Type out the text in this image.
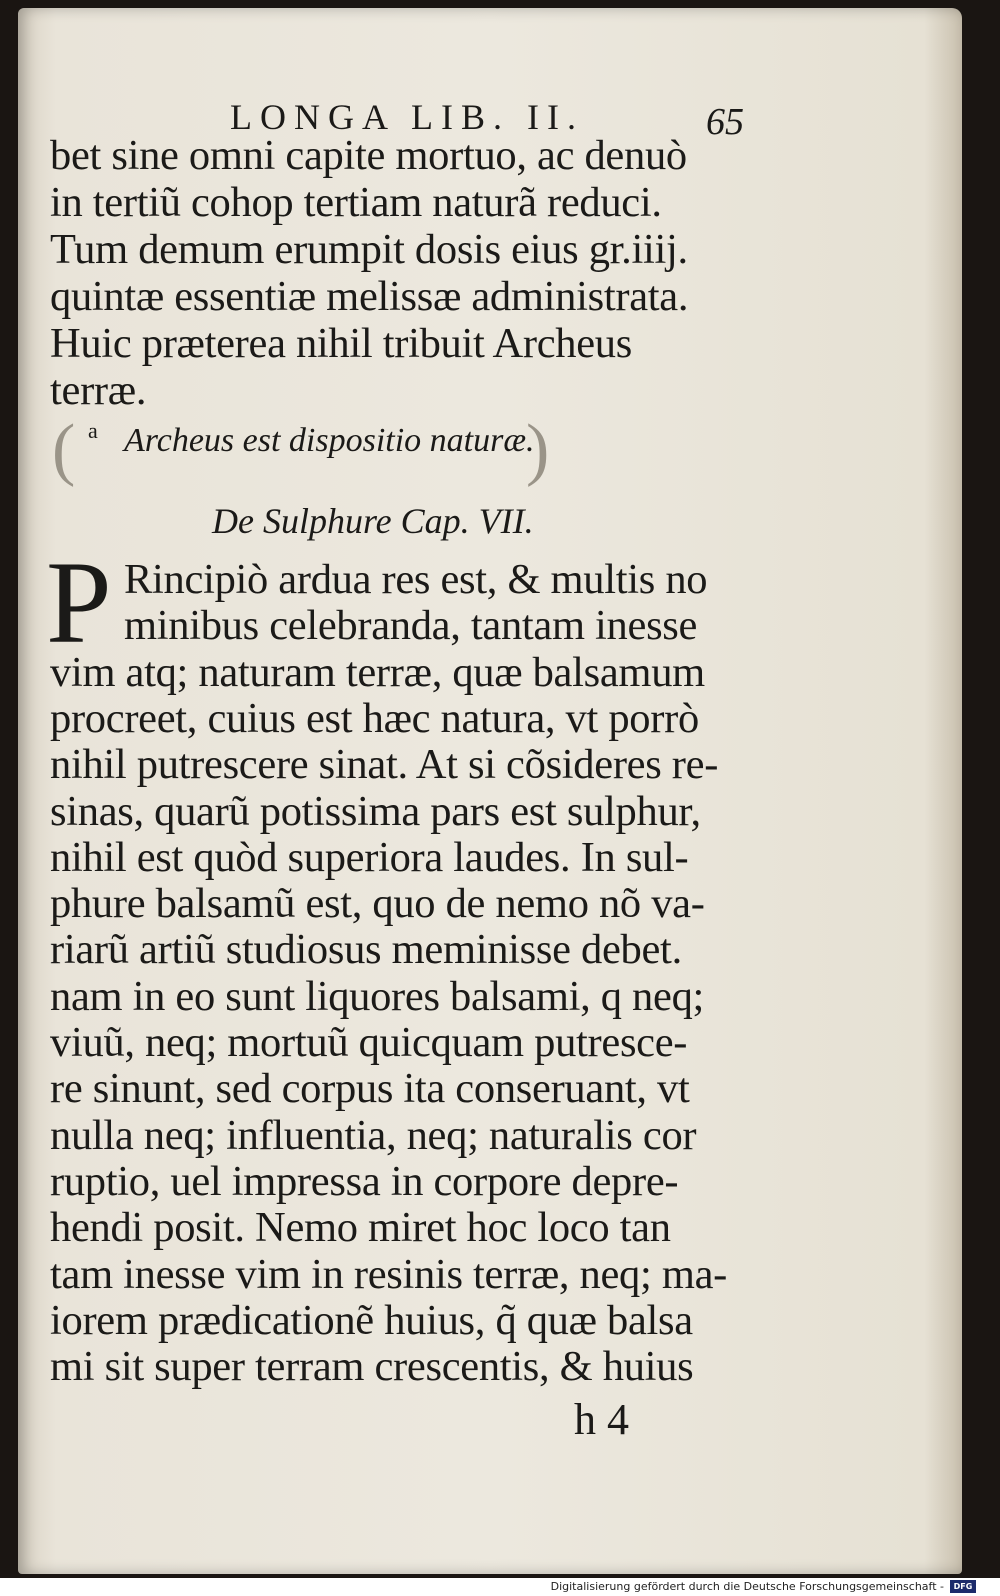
LONGA LIB. II.	65
bet sine omni capite mortuo, ac denuò
in tertiũ cohop tertiam naturã reduci.
Tum demum erumpit dosis eius gr.iiij.
quintæ essentiæ melissæ administrata.
Huic præterea nihil tribuit Archeus
terræ.
( a Archeus est dispositio naturæ.
)
De Sulphure Cap. VII.
P Rincipiò ardua res est, & multis no
minibus celebranda, tantam inesse
vim atq; naturam terræ, quæ balsamum
procreet, cuius est hæc natura, vt porrò
nihil putrescere sinat. At si cõsideres re-
sinas, quarũ potissima pars est sulphur,
nihil est quòd superiora laudes. In sul-
phure balsamũ est, quo de nemo nõ va-
riarũ artiũ studiosus meminisse debet.
nam in eo sunt liquores balsami, q neq;
viuũ, neq; mortuũ quicquam putresce-
re sinunt, sed corpus ita conseruant, vt
nulla neq; influentia, neq; naturalis cor
ruptio, uel impressa in corpore depre-
hendi posit. Nemo miret hoc loco tan
tam inesse vim in resinis terræ, neq; ma-
iorem prædicationẽ huius, q̃ quæ balsa
mi sit super terram crescentis, & huius
h 4
Digitalisierung gefördert durch die Deutsche Forschungsgemeinschaft -	DFG
